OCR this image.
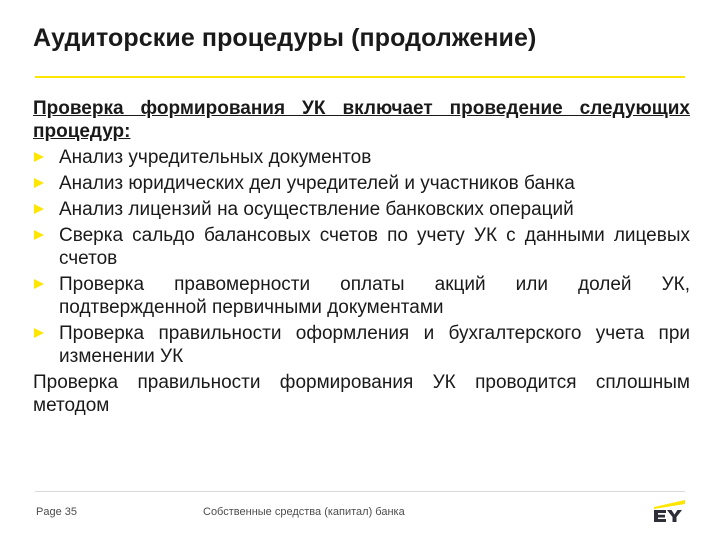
Аудиторские процедуры (продолжение)

Проверка формирования УК включает проведение следующих процедур:

Анализ учредительных документов
Анализ юридических дел учредителей и участников банка
Анализ лицензий на осуществление банковских операций
Сверка сальдо балансовых счетов по учету УК с данными лицевых счетов
Проверка правомерности оплаты акций или долей УК, подтвержденной первичными документами
Проверка правильности оформления и бухгалтерского учета при изменении УК

Проверка правильности формирования УК проводится сплошным методом

Page 35	Собственные средства (капитал) банка
